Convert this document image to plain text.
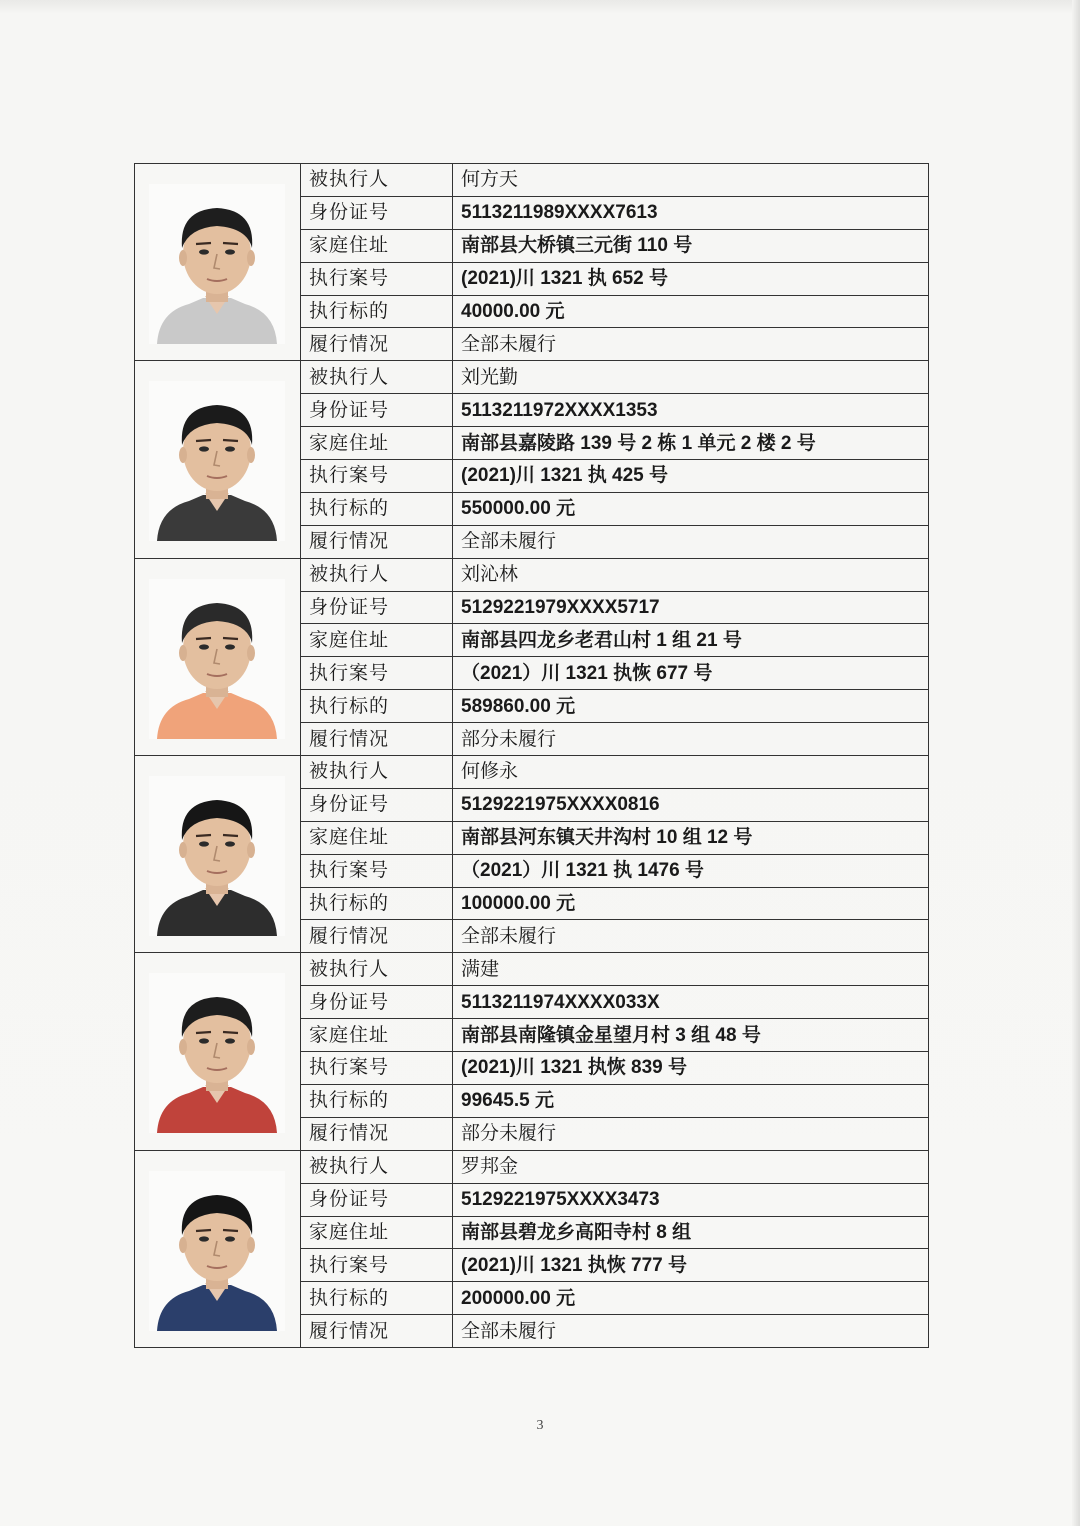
	被执行人	何方天
	身份证号	5113211989XXXX7613
	家庭住址	南部县大桥镇三元街 110 号
	执行案号	(2021)川 1321 执 652 号
	执行标的	40000.00 元
	履行情况	全部未履行

	被执行人	刘光勤
	身份证号	5113211972XXXX1353
	家庭住址	南部县嘉陵路 139 号 2 栋 1 单元 2 楼 2 号
	执行案号	(2021)川 1321 执 425 号
	执行标的	550000.00 元
	履行情况	全部未履行

	被执行人	刘沁林
	身份证号	5129221979XXXX5717
	家庭住址	南部县四龙乡老君山村 1 组 21 号
	执行案号	（2021）川 1321 执恢 677 号
	执行标的	589860.00 元
	履行情况	部分未履行

	被执行人	何修永
	身份证号	5129221975XXXX0816
	家庭住址	南部县河东镇天井沟村 10 组 12 号
	执行案号	（2021）川 1321 执 1476 号
	执行标的	100000.00 元
	履行情况	全部未履行

	被执行人	满建
	身份证号	5113211974XXXX033X
	家庭住址	南部县南隆镇金星望月村 3 组 48 号
	执行案号	(2021)川 1321 执恢 839 号
	执行标的	99645.5 元
	履行情况	部分未履行

	被执行人	罗邦金
	身份证号	5129221975XXXX3473
	家庭住址	南部县碧龙乡高阳寺村 8 组
	执行案号	(2021)川 1321 执恢 777 号
	执行标的	200000.00 元
	履行情况	全部未履行
3
